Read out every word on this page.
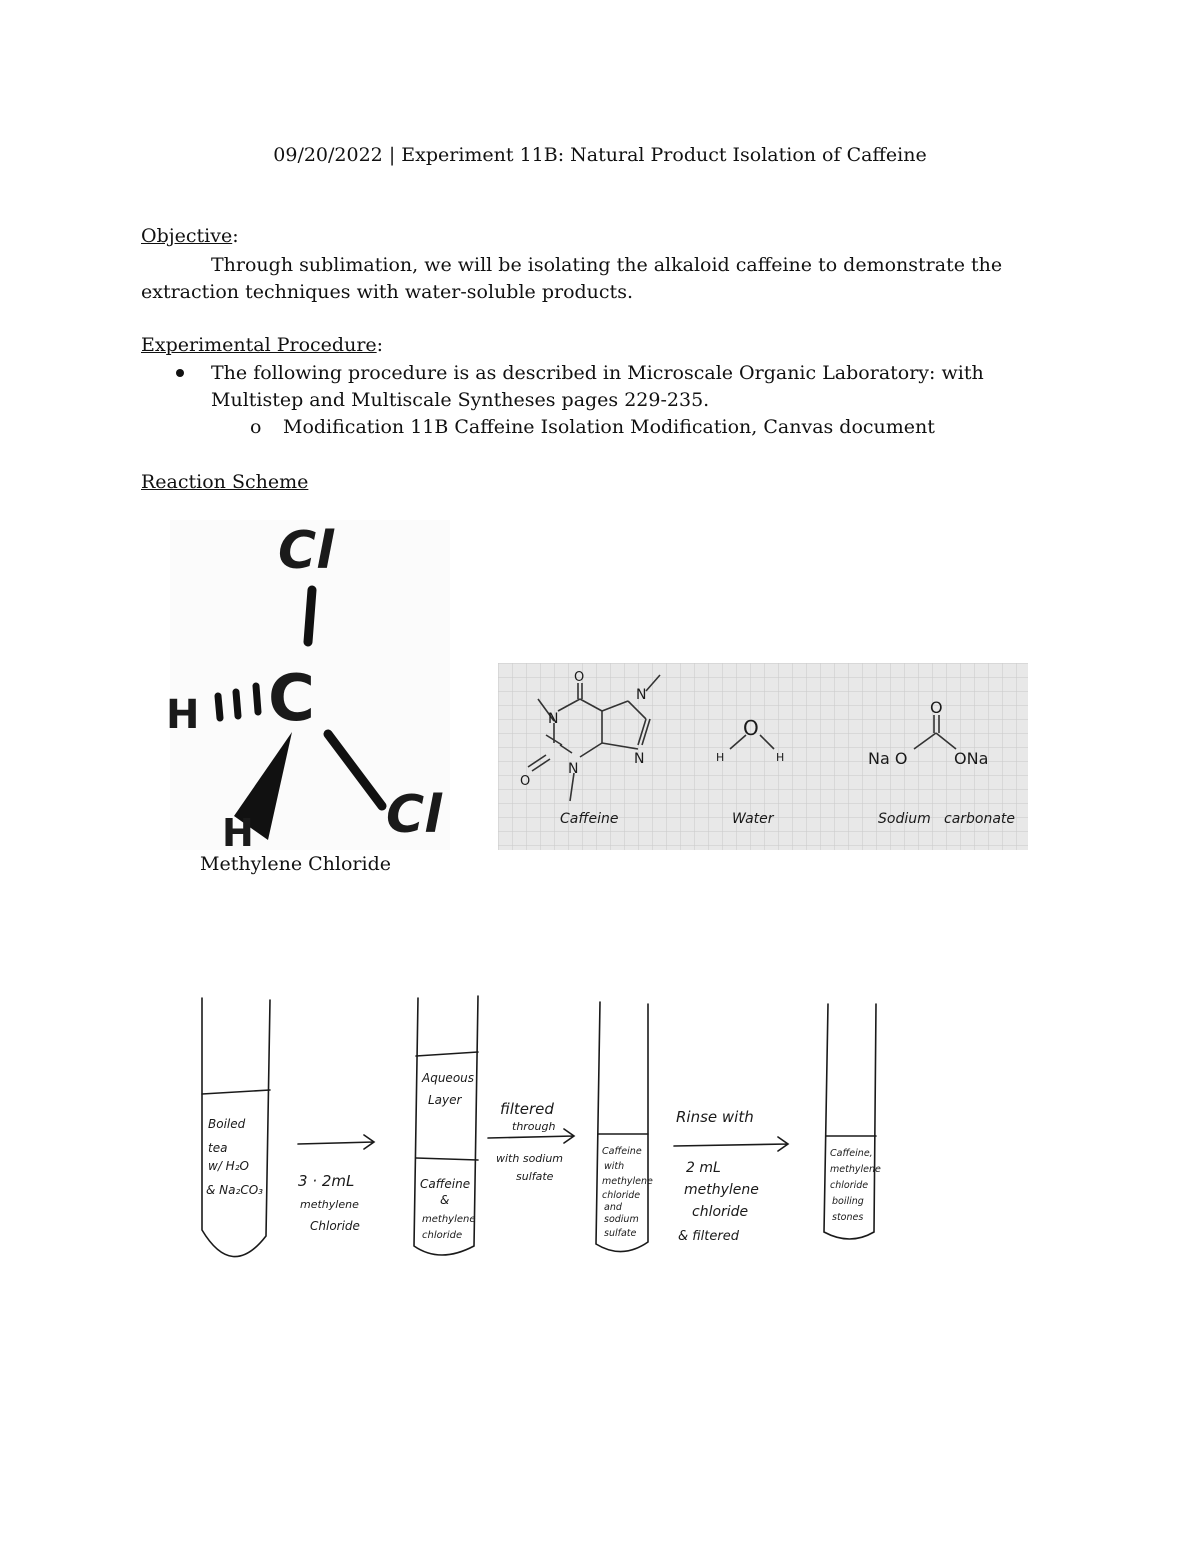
09/20/2022 | Experiment 11B: Natural Product Isolation of Caffeine
Objective:
Through sublimation, we will be isolating the alkaloid caffeine to demonstrate the
extraction techniques with water-soluble products.
Experimental Procedure:
The following procedure is as described in Microscale Organic Laboratory: with
Multistep and Multiscale Syntheses pages 229-235.
o Modification 11B Caffeine Isolation Modification, Canvas document
Reaction Scheme
Cl
H C
H	Cl
Methylene Chloride
O
N
N
N
N
O
Caffeine
O
H	H
Water
O
Na O	ONa
Sodium carbonate
Boiled
tea
w/ H₂O
& Na₂CO₃ 3 · 2mL
methylene
Chloride
Aqueous
Layer
Caffeine
&
methylene
chloride
filtered
through
with sodium
sulfate
Caffeine
with
methylene
chloride
and
sodium
sulfate
Rinse with
2 mL
methylene
chloride
& filtered
Caffeine,
methylene
chloride
boiling
stones
